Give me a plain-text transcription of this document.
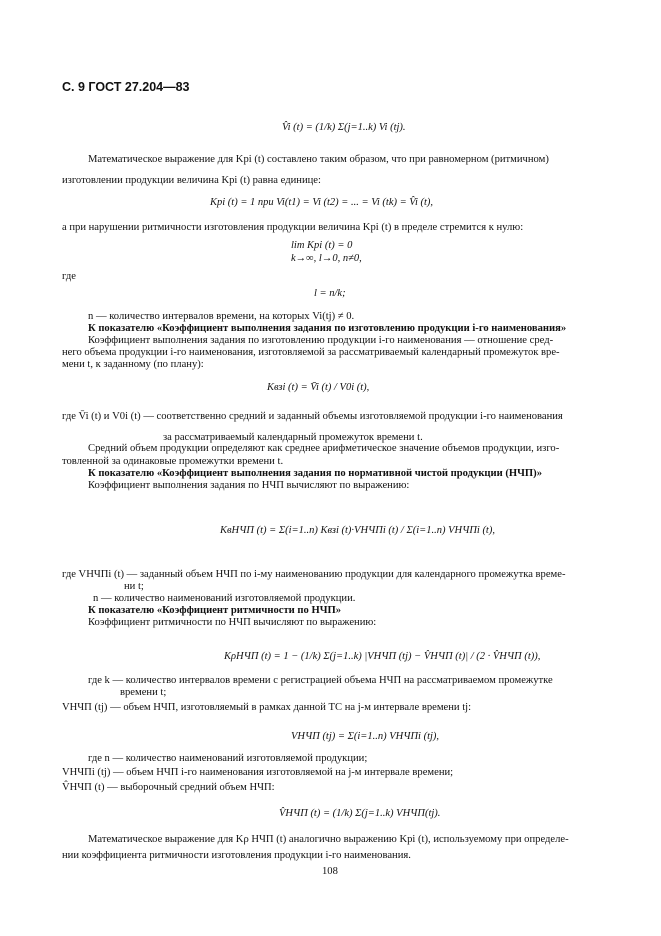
С. 9 ГОСТ 27.204—83
V̂i (t) = (1/k) Σ(j=1..k) Vi (tj).
Математическое выражение для Kpi (t) составлено таким образом, что при равномерном (ритмичном)
изготовлении продукции величина Kpi (t) равна единице:
Kpi (t) = 1 при Vi(t1) = Vi (t2) = ... = Vi (tk) = V̂i (t),
а при нарушении ритмичности изготовления продукции величина Kpi (t) в пределе стремится к нулю:
lim Kpi (t) = 0
k→∞, l→0, n≠0,
где
l = n/k;
n — количество интервалов времени, на которых Vi(tj) ≠ 0.
К показателю «Коэффициент выполнения задания по изготовлению продукции i-го наименования»
Коэффициент выполнения задания по изготовлению продукции i-го наименования — отношение сред-
него объема продукции i-го наименования, изготовляемой за рассматриваемый календарный промежуток вре-
мени t, к заданному (по плану):
Kвзi (t) = V̄i (t) / V0i (t),
где V̄i (t) и V0i (t) — соответственно средний и заданный объемы изготовляемой продукции i-го наименования
за рассматриваемый календарный промежуток времени t.
Средний объем продукции определяют как среднее арифметическое значение объемов продукции, изго-
товленной за одинаковые промежутки времени t.
К показателю «Коэффициент выполнения задания по нормативной чистой продукции (НЧП)»
Коэффициент выполнения задания по НЧП вычисляют по выражению:
KвНЧП (t) = Σ(i=1..n) Kвзi (t)·VНЧПi (t) / Σ(i=1..n) VНЧПi (t),
где VНЧПi (t) — заданный объем НЧП по i-му наименованию продукции для календарного промежутка време-
ни t;
n — количество наименований изготовляемой продукции.
К показателю «Коэффициент ритмичности по НЧП»
Коэффициент ритмичности по НЧП вычисляют по выражению:
KρНЧП (t) = 1 − (1/k) Σ(j=1..k) |VНЧП (tj) − V̂НЧП (t)| / (2 · V̂НЧП (t)),
где k — количество интервалов времени с регистрацией объема НЧП на рассматриваемом промежутке
времени t;
VНЧП (tj) — объем НЧП, изготовляемый в рамках данной ТС на j-м интервале времени tj:
VНЧП (tj) = Σ(i=1..n) VНЧПi (tj),
где n — количество наименований изготовляемой продукции;
VНЧПi (tj) — объем НЧП i-го наименования изготовляемой на j-м интервале времени;
V̂НЧП (t) — выборочный средний объем НЧП:
V̂НЧП (t) = (1/k) Σ(j=1..k) VНЧП(tj).
Математическое выражение для Kρ НЧП (t) аналогично выражению Kpi (t), используемому при определе-
нии коэффициента ритмичности изготовления продукции i-го наименования.
108
